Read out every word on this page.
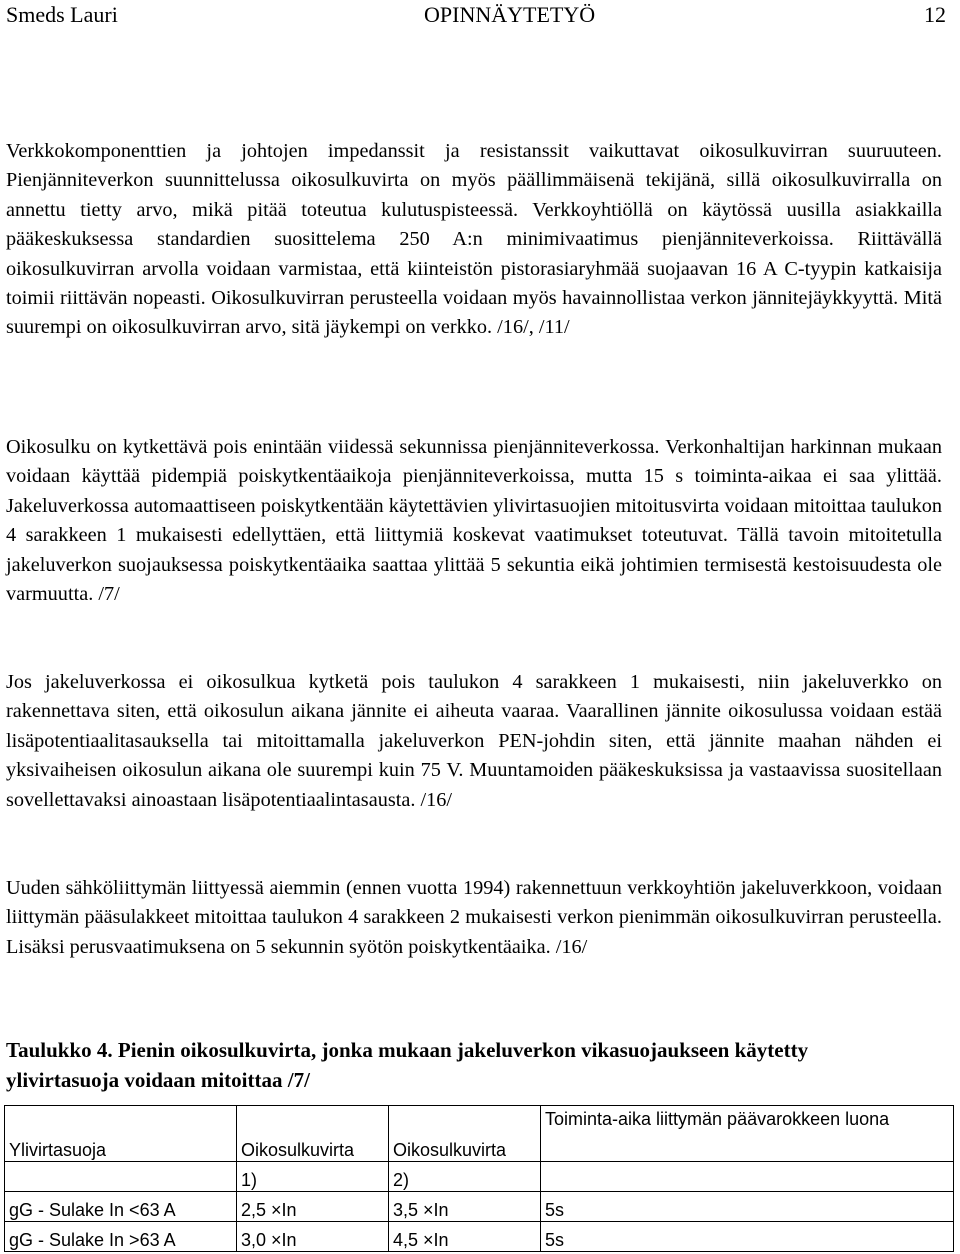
Smeds Lauri	OPINNÄYTETYÖ	12

Verkkokomponenttien ja johtojen impedanssit ja resistanssit vaikuttavat oikosulkuvirran suuruuteen. Pienjänniteverkon suunnittelussa oikosulkuvirta on myös päällimmäisenä tekijänä, sillä oikosulkuvirralla on annettu tietty arvo, mikä pitää toteutua kulutuspisteessä. Verkkoyhtiöllä on käytössä uusilla asiakkailla pääkeskuksessa standardien suosittelema 250 A:n minimivaatimus pienjänniteverkoissa. Riittävällä oikosulkuvirran arvolla voidaan varmistaa, että kiinteistön pistorasiaryhmää suojaavan 16 A C-tyypin katkaisija toimii riittävän nopeasti. Oikosulkuvirran perusteella voidaan myös havainnollistaa verkon jännitejäykkyyttä. Mitä suurempi on oikosulkuvirran arvo, sitä jäykempi on verkko. /16/, /11/

Oikosulku on kytkettävä pois enintään viidessä sekunnissa pienjänniteverkossa. Verkonhaltijan harkinnan mukaan voidaan käyttää pidempiä poiskytkentäaikoja pienjänniteverkoissa, mutta 15 s toiminta-aikaa ei saa ylittää. Jakeluverkossa automaattiseen poiskytkentään käytettävien ylivirtasuojien mitoitusvirta voidaan mitoittaa taulukon 4 sarakkeen 1 mukaisesti edellyttäen, että liittymiä koskevat vaatimukset toteutuvat. Tällä tavoin mitoitetulla jakeluverkon suojauksessa poiskytkentäaika saattaa ylittää 5 sekuntia eikä johtimien termisestä kestoisuudesta ole varmuutta. /7/

Jos jakeluverkossa ei oikosulkua kytketä pois taulukon 4 sarakkeen 1 mukaisesti, niin jakeluverkko on rakennettava siten, että oikosulun aikana jännite ei aiheuta vaaraa. Vaarallinen jännite oikosulussa voidaan estää lisäpotentiaalitasauksella tai mitoittamalla jakeluverkon PEN-johdin siten, että jännite maahan nähden ei yksivaiheisen oikosulun aikana ole suurempi kuin 75 V. Muuntamoiden pääkeskuksissa ja vastaavissa suositellaan sovellettavaksi ainoastaan lisäpotentiaalintasausta. /16/

Uuden sähköliittymän liittyessä aiemmin (ennen vuotta 1994) rakennettuun verkkoyhtiön jakeluverkkoon, voidaan liittymän pääsulakkeet mitoittaa taulukon 4 sarakkeen 2 mukaisesti verkon pienimmän oikosulkuvirran perusteella. Lisäksi perusvaatimuksena on 5 sekunnin syötön poiskytkentäaika. /16/

Taulukko 4. Pienin oikosulkuvirta, jonka mukaan jakeluverkon vikasuojaukseen käytetty ylivirtasuoja voidaan mitoittaa /7/

Ylivirtasuoja	Oikosulkuvirta	Oikosulkuvirta	Toiminta-aika liittymän päävarokkeen luona
	1)	2)	
gG - Sulake In <63 A	2,5 ×In	3,5 ×In	5s
gG - Sulake In >63 A	3,0 ×In	4,5 ×In	5s
